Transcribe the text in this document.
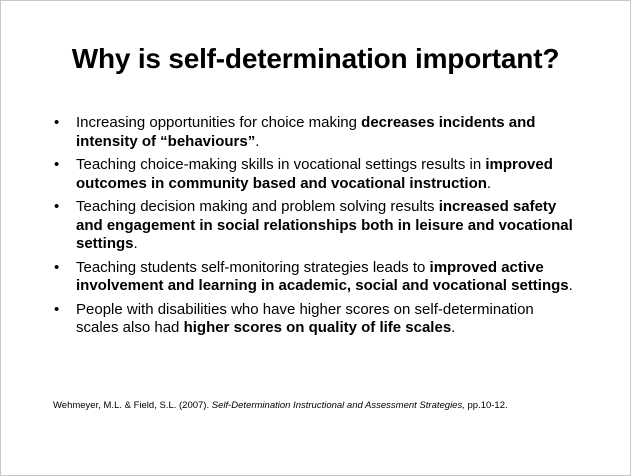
Why is self-determination important?
• Increasing opportunities for choice making decreases incidents and intensity of “behaviours”.
• Teaching choice-making skills in vocational settings results in improved outcomes in community based and vocational instruction.
• Teaching decision making and problem solving results increased safety and engagement in social relationships both in leisure and vocational settings.
• Teaching students self-monitoring strategies leads to improved active involvement and learning in academic, social and vocational settings.
• People with disabilities who have higher scores on self-determination scales also had higher scores on quality of life scales.
Wehmeyer, M.L. & Field, S.L. (2007). Self-Determination Instructional and Assessment Strategies, pp.10-12.
